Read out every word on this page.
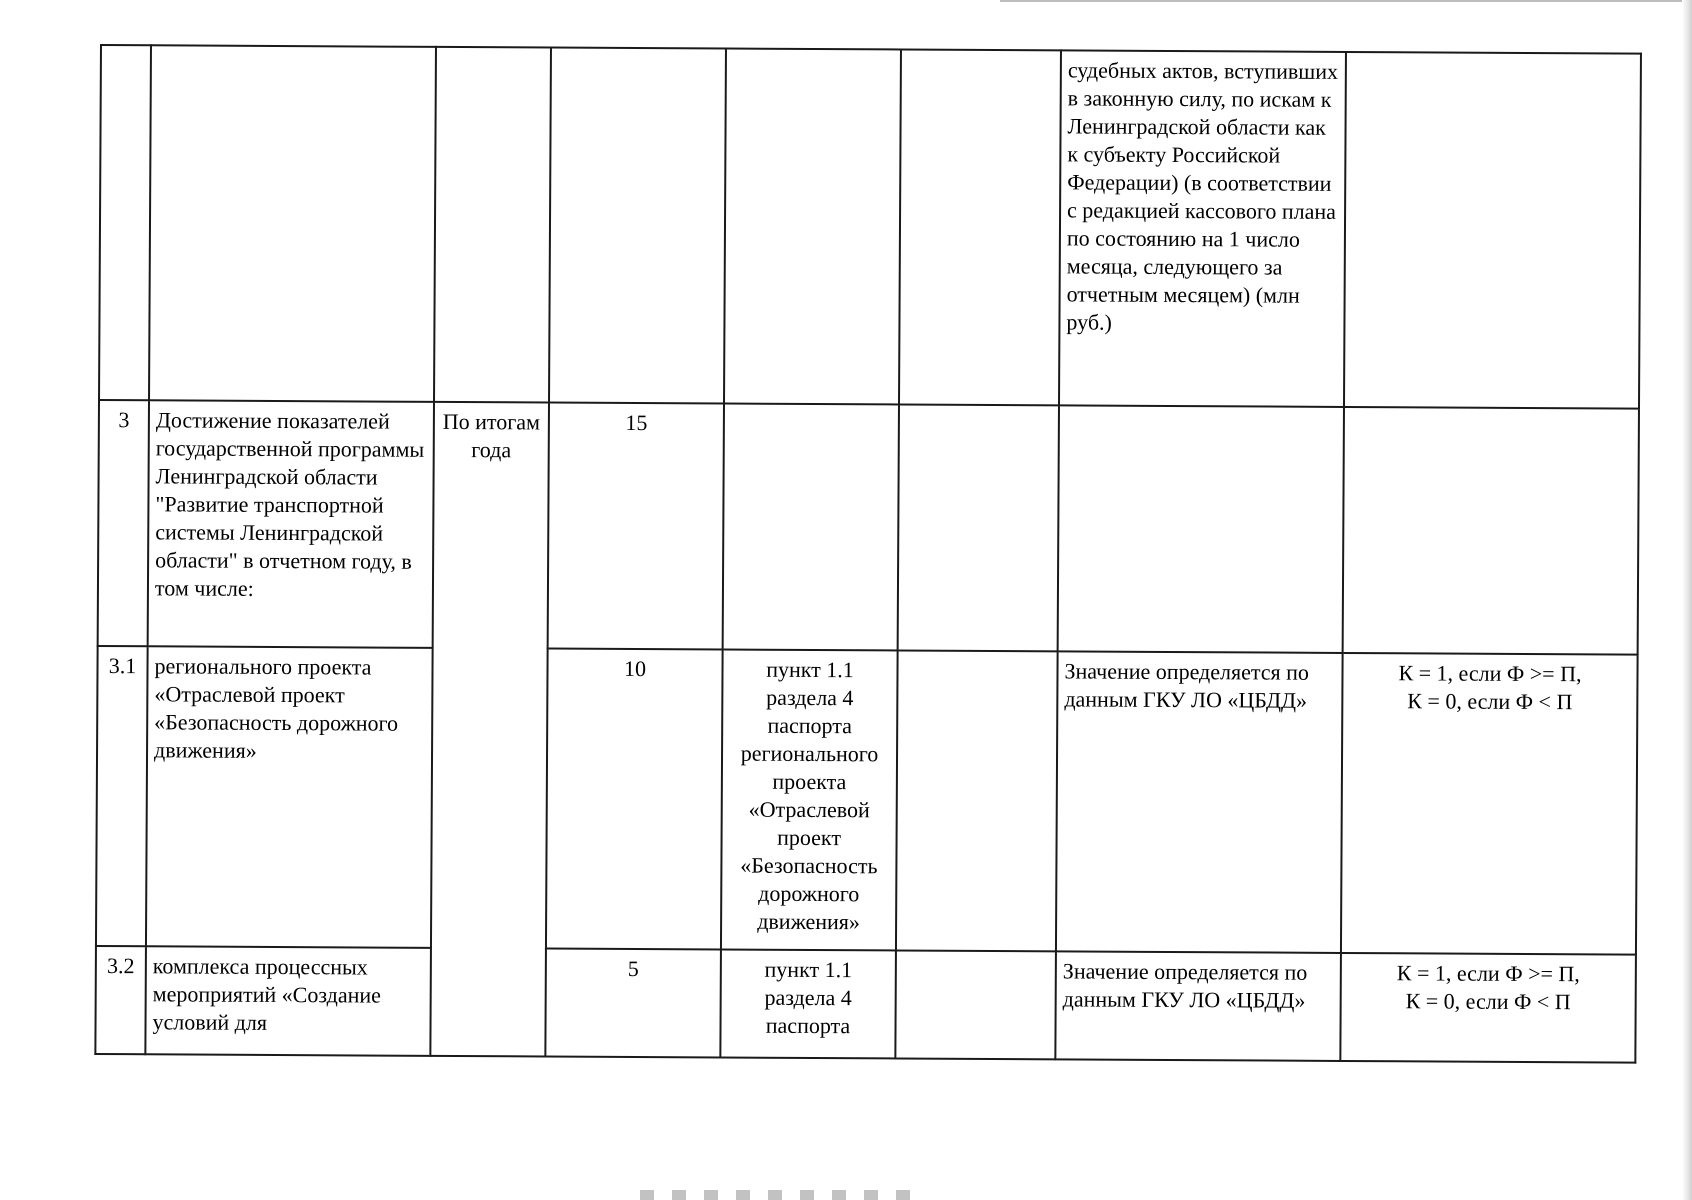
						судебных актов, вступивших в законную силу, по искам к Ленинградской области как к субъекту Российской Федерации) (в соответствии с редакцией кассового плана по состоянию на 1 число месяца, следующего за отчетным месяцем) (млн руб.)	
3	Достижение показателей государственной программы Ленинградской области "Развитие транспортной системы Ленинградской области" в отчетном году, в том числе:	По итогам года	15				
3.1	регионального проекта «Отраслевой проект «Безопасность дорожного движения»		10	пункт 1.1 раздела 4 паспорта регионального проекта «Отраслевой проект «Безопасность дорожного движения»		Значение определяется по данным ГКУ ЛО «ЦБДД»	К = 1, если Ф >= П,
К = 0, если Ф < П

3.2	комплекса процессных мероприятий «Создание условий для		5	пункт 1.1 раздела 4 паспорта		Значение определяется по данным ГКУ ЛО «ЦБДД»	К = 1, если Ф >= П,
К = 0, если Ф < П
